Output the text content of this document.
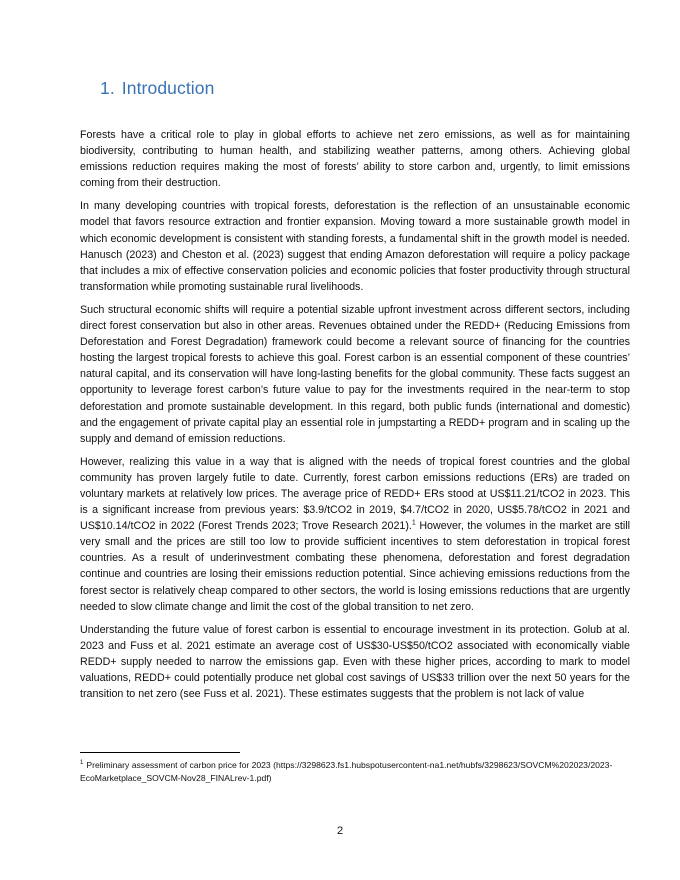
1. Introduction

Forests have a critical role to play in global efforts to achieve net zero emissions, as well as for maintaining biodiversity, contributing to human health, and stabilizing weather patterns, among others. Achieving global emissions reduction requires making the most of forests’ ability to store carbon and, urgently, to limit emissions coming from their destruction.

In many developing countries with tropical forests, deforestation is the reflection of an unsustainable economic model that favors resource extraction and frontier expansion. Moving toward a more sustainable growth model in which economic development is consistent with standing forests, a fundamental shift in the growth model is needed. Hanusch (2023) and Cheston et al. (2023) suggest that ending Amazon deforestation will require a policy package that includes a mix of effective conservation policies and economic policies that foster productivity through structural transformation while promoting sustainable rural livelihoods.

Such structural economic shifts will require a potential sizable upfront investment across different sectors, including direct forest conservation but also in other areas. Revenues obtained under the REDD+ (Reducing Emissions from Deforestation and Forest Degradation) framework could become a relevant source of financing for the countries hosting the largest tropical forests to achieve this goal. Forest carbon is an essential component of these countries’ natural capital, and its conservation will have long-lasting benefits for the global community. These facts suggest an opportunity to leverage forest carbon’s future value to pay for the investments required in the near-term to stop deforestation and promote sustainable development. In this regard, both public funds (international and domestic) and the engagement of private capital play an essential role in jumpstarting a REDD+ program and in scaling up the supply and demand of emission reductions.

However, realizing this value in a way that is aligned with the needs of tropical forest countries and the global community has proven largely futile to date. Currently, forest carbon emissions reductions (ERs) are traded on voluntary markets at relatively low prices. The average price of REDD+ ERs stood at US$11.21/tCO2 in 2023. This is a significant increase from previous years: $3.9/tCO2 in 2019, $4.7/tCO2 in 2020, US$5.78/tCO2 in 2021 and US$10.14/tCO2 in 2022 (Forest Trends 2023; Trove Research 2021).$^1$ However, the volumes in the market are still very small and the prices are still too low to provide sufficient incentives to stem deforestation in tropical forest countries. As a result of underinvestment combating these phenomena, deforestation and forest degradation continue and countries are losing their emissions reduction potential. Since achieving emissions reductions from the forest sector is relatively cheap compared to other sectors, the world is losing emissions reductions that are urgently needed to slow climate change and limit the cost of the global transition to net zero.

Understanding the future value of forest carbon is essential to encourage investment in its protection. Golub at al. 2023 and Fuss et al. 2021 estimate an average cost of US$30-US$50/tCO2 associated with economically viable REDD+ supply needed to narrow the emissions gap. Even with these higher prices, according to mark to model valuations, REDD+ could potentially produce net global cost savings of US$33 trillion over the next 50 years for the transition to net zero (see Fuss et al. 2021). These estimates suggests that the problem is not lack of value

$^1$ Preliminary assessment of carbon price for 2023 (https://3298623.fs1.hubspotusercontent-na1.net/hubfs/3298623/SOVCM%202023/2023-EcoMarketplace_SOVCM-Nov28_FINALrev-1.pdf)
2
